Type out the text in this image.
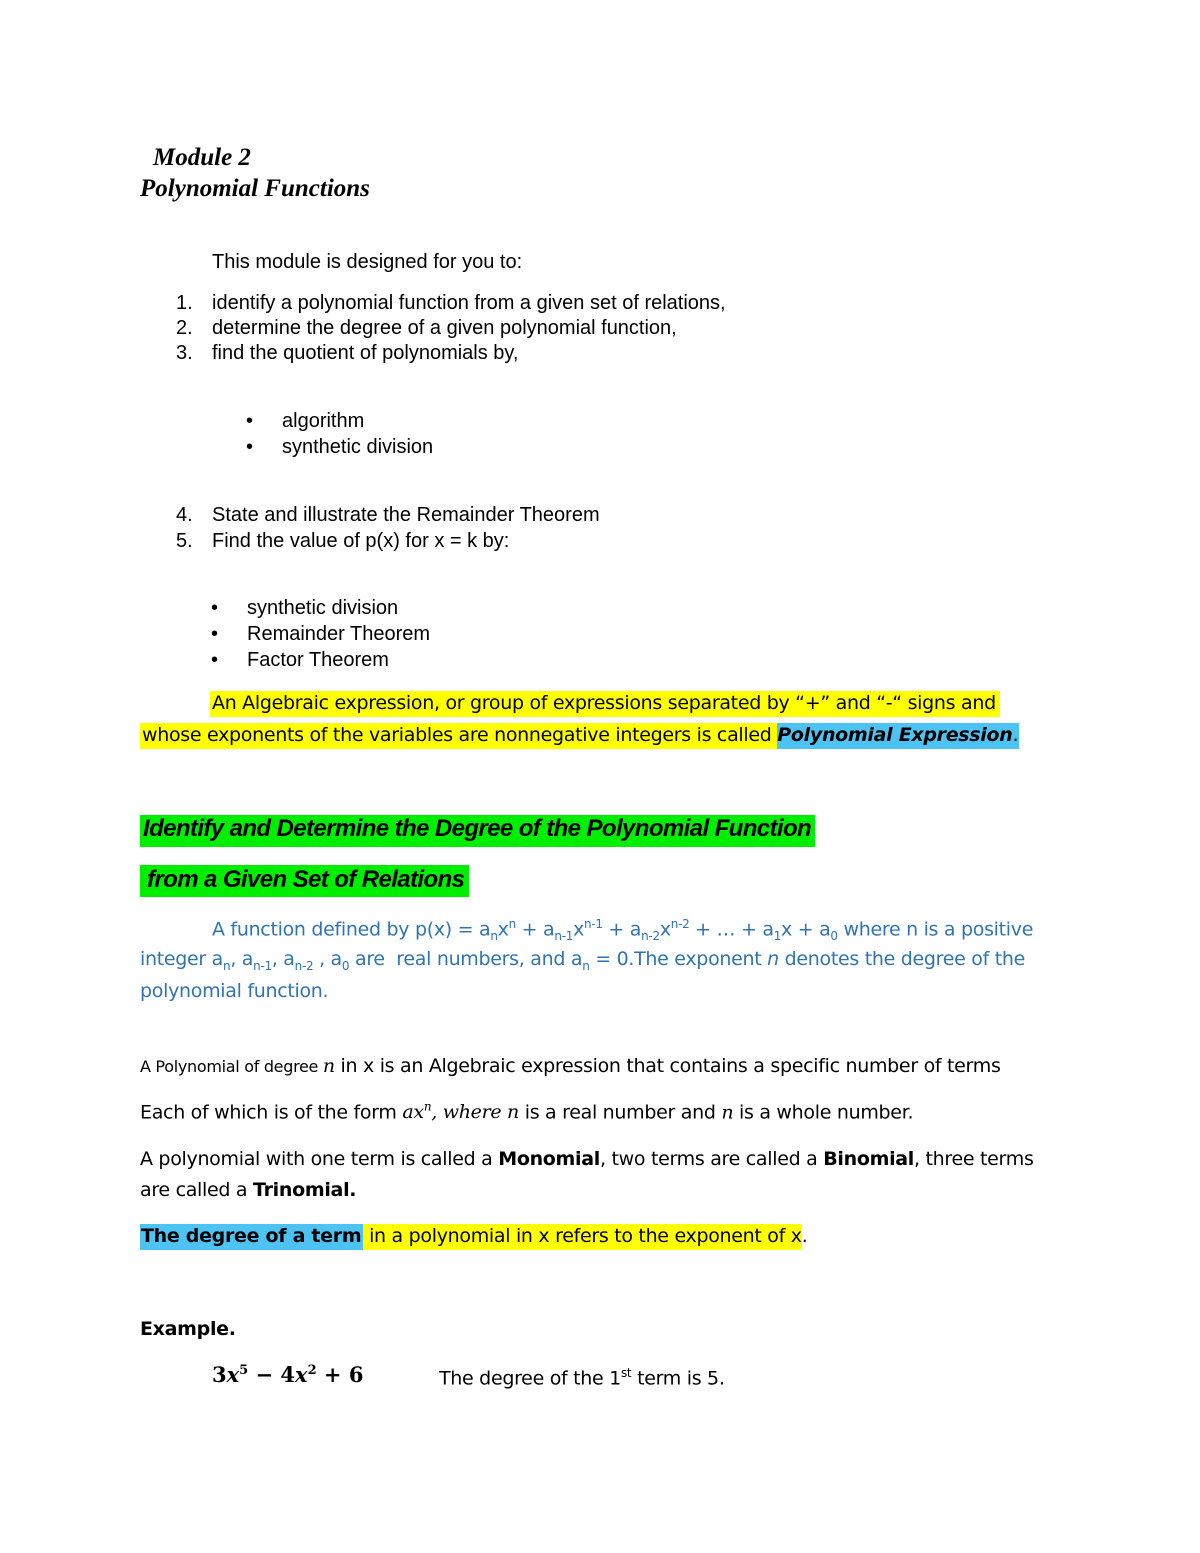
Module 2
Polynomial Functions
This module is designed for you to:
1. identify a polynomial function from a given set of relations,
2. determine the degree of a given polynomial function,
3. find the quotient of polynomials by,
•algorithm
•synthetic division
4. State and illustrate the Remainder Theorem
5. Find the value of p(x) for x = k by:
•synthetic division
•Remainder Theorem
•Factor Theorem
An Algebraic expression, or group of expressions separated by “+” and “-“ signs and
whose exponents of the variables are nonnegative integers is called Polynomial Expression.
Identify and Determine the Degree of the Polynomial Function
from a Given Set of Relations
A function defined by $p(x) = a_nx^n + a_{n-1}x^{n-1} + a_{n-2}x^{n-2}$ + … + $a_1x + a_0$ where n is a positive
integer $a_n$, $a_{n-1}$, $a_{n-2}$ , $a_0$ are  real numbers, and $a_n = 0.The$ exponent n denotes the degree of the
polynomial function.
A Polynomial of degree n in x is an Algebraic expression that contains a specific number of terms
Each of which is of the form $ax^n$, where n is a real number and n is a whole number.
A polynomial with one term is called a Monomial, two terms are called a Binomial, three terms
are called a Trinomial.
The degree of a term in a polynomial in x refers to the exponent of x.
Example.
$3x^5 - 4x^2 + 6$	The degree of the 1st term is 5.
